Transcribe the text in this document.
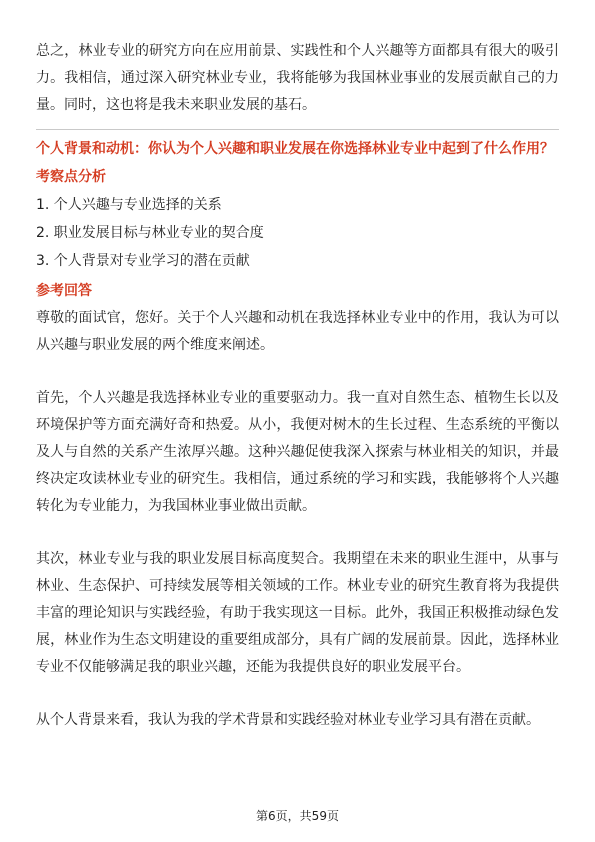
总之，林业专业的研究方向在应用前景、实践性和个人兴趣等方面都具有很大的吸引力。我相信，通过深入研究林业专业，我将能够为我国林业事业的发展贡献自己的力量。同时，这也将是我未来职业发展的基石。

个人背景和动机：你认为个人兴趣和职业发展在你选择林业专业中起到了什么作用？

考察点分析
1. 个人兴趣与专业选择的关系
2. 职业发展目标与林业专业的契合度
3. 个人背景对专业学习的潜在贡献
参考回答

尊敬的面试官，您好。关于个人兴趣和动机在我选择林业专业中的作用，我认为可以从兴趣与职业发展的两个维度来阐述。

首先，个人兴趣是我选择林业专业的重要驱动力。我一直对自然生态、植物生长以及环境保护等方面充满好奇和热爱。从小，我便对树木的生长过程、生态系统的平衡以及人与自然的关系产生浓厚兴趣。这种兴趣促使我深入探索与林业相关的知识，并最终决定攻读林业专业的研究生。我相信，通过系统的学习和实践，我能够将个人兴趣转化为专业能力，为我国林业事业做出贡献。

其次，林业专业与我的职业发展目标高度契合。我期望在未来的职业生涯中，从事与林业、生态保护、可持续发展等相关领域的工作。林业专业的研究生教育将为我提供丰富的理论知识与实践经验，有助于我实现这一目标。此外，我国正积极推动绿色发展，林业作为生态文明建设的重要组成部分，具有广阔的发展前景。因此，选择林业专业不仅能够满足我的职业兴趣，还能为我提供良好的职业发展平台。

从个人背景来看，我认为我的学术背景和实践经验对林业专业学习具有潜在贡献。

第6页，共59页
